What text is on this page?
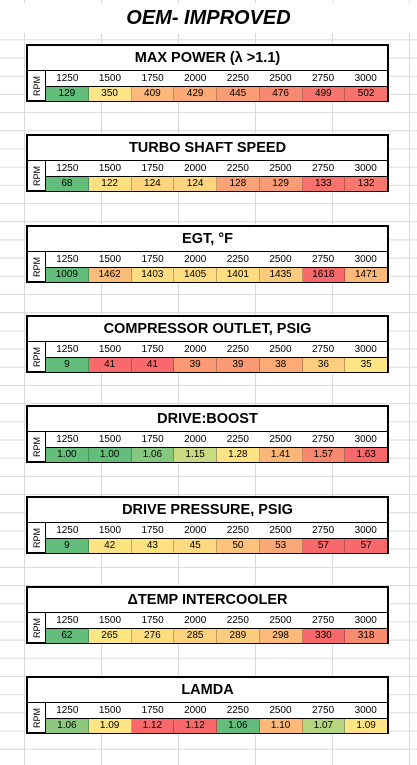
OEM- IMPROVED
MAX POWER (λ >1.1)
RPM	1250	1500	1750	2000	2250	2500	2750	3000
129	350	409	429	445	476	499	502
TURBO SHAFT SPEED
RPM	1250	1500	1750	2000	2250	2500	2750	3000
68	122	124	124	128	129	133	132
EGT, °F
RPM	1250	1500	1750	2000	2250	2500	2750	3000
1009	1462	1403	1405	1401	1435	1618	1471
COMPRESSOR OUTLET, PSIG
RPM	1250	1500	1750	2000	2250	2500	2750	3000
9	41	41	39	39	38	36	35
DRIVE:BOOST
RPM	1250	1500	1750	2000	2250	2500	2750	3000
1.00	1.00	1.06	1.15	1.28	1.41	1.57	1.63
DRIVE PRESSURE, PSIG
RPM	1250	1500	1750	2000	2250	2500	2750	3000
9	42	43	45	50	53	57	57
ΔTEMP INTERCOOLER
RPM	1250	1500	1750	2000	2250	2500	2750	3000
62	265	276	285	289	298	330	318
LAMDA
RPM	1250	1500	1750	2000	2250	2500	2750	3000
1.06	1.09	1.12	1.12	1.06	1.10	1.07	1.09
